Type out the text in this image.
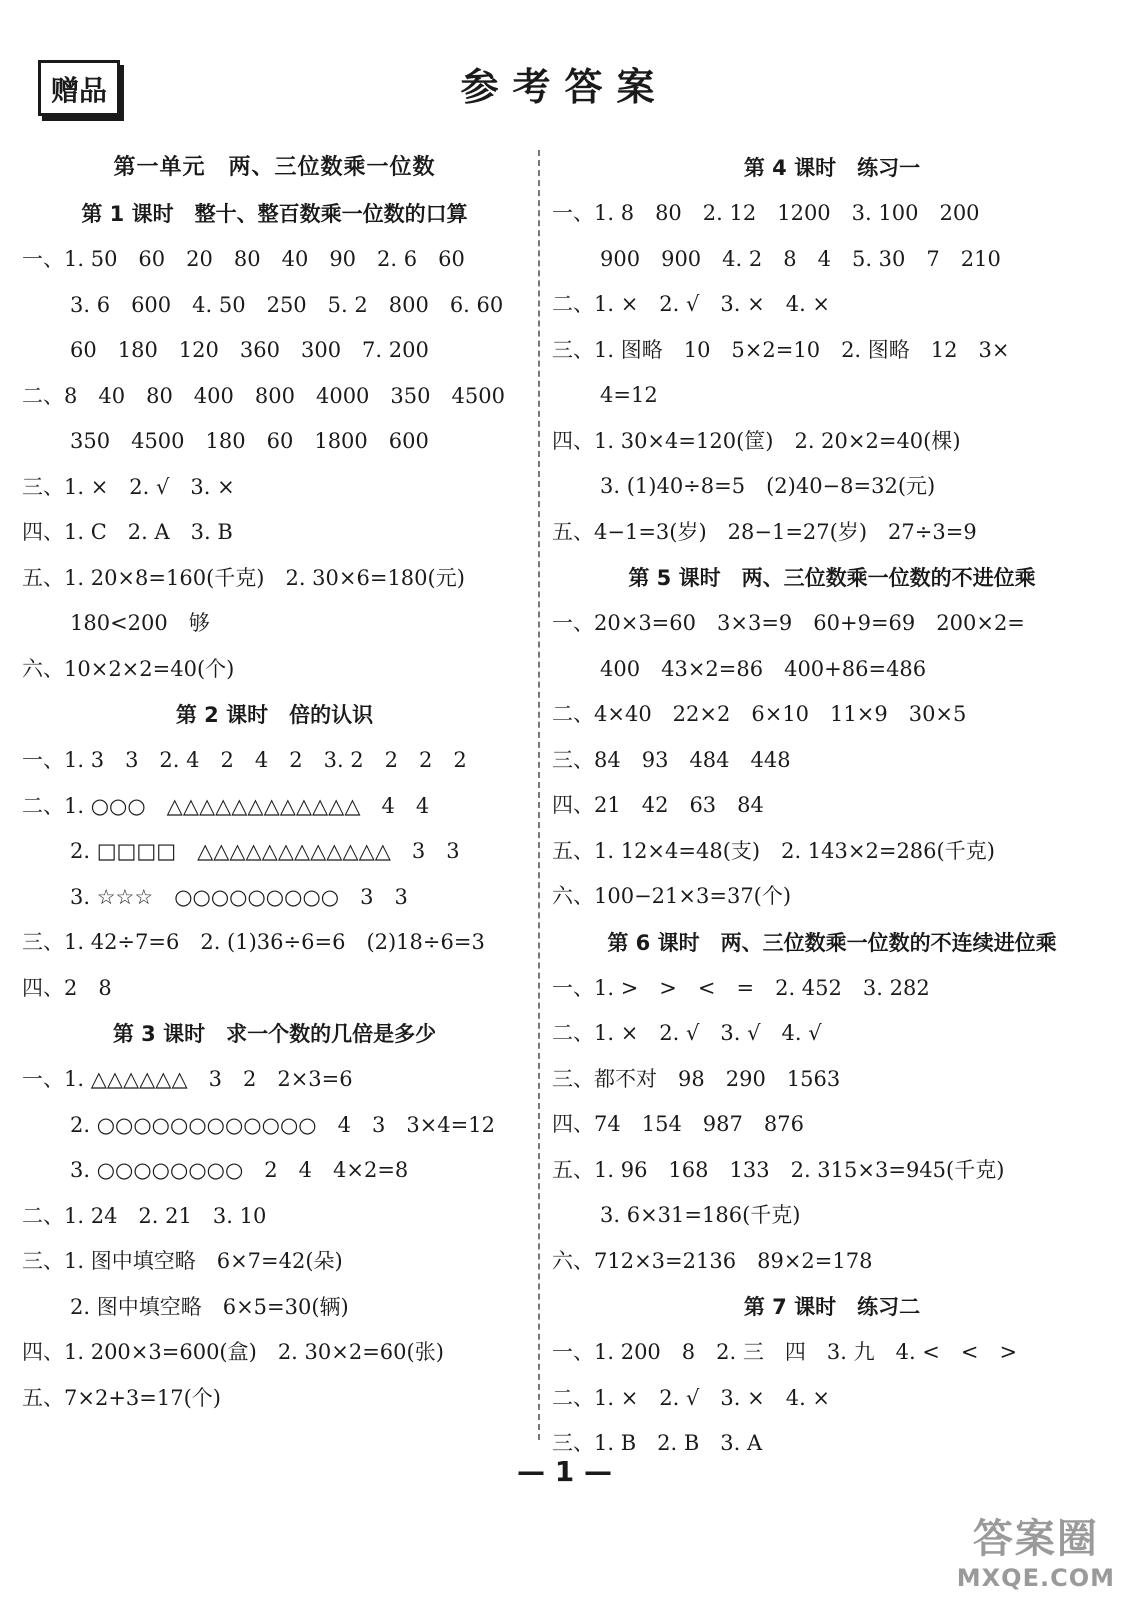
赠品	参考答案
第一单元　两、三位数乘一位数
第 1 课时　整十、整百数乘一位数的口算
一、1. 50　60　20　80　40　90　2. 6　60
3. 6　600　4. 50　250　5. 2　800　6. 60
60　180　120　360　300　7. 200
二、8　40　80　400　800　4000　350　4500
350　4500　180　60　1800　600
三、1. ×　2. √　3. ×
四、1. C　2. A　3. B
五、1. 20×8=160(千克)　2. 30×6=180(元)
180<200　够
六、10×2×2=40(个)
第 2 课时　倍的认识
一、1. 3　3　2. 4　2　4　2　3. 2　2　2　2
二、1. ○○○　△△△△△△△△△△△△　4　4
2. □□□□　△△△△△△△△△△△△　3　3
3. ☆☆☆　○○○○○○○○○　3　3
三、1. 42÷7=6　2. (1)36÷6=6　(2)18÷6=3
四、2　8
第 3 课时　求一个数的几倍是多少
一、1. △△△△△△　3　2　2×3=6
2. ○○○○○○○○○○○○　4　3　3×4=12
3. ○○○○○○○○　2　4　4×2=8
二、1. 24　2. 21　3. 10
三、1. 图中填空略　6×7=42(朵)
2. 图中填空略　6×5=30(辆)
四、1. 200×3=600(盒)　2. 30×2=60(张)
五、7×2+3=17(个)
第 4 课时　练习一
一、1. 8　80　2. 12　1200　3. 100　200
900　900　4. 2　8　4　5. 30　7　210
二、1. ×　2. √　3. ×　4. ×
三、1. 图略　10　5×2=10　2. 图略　12　3×
4=12
四、1. 30×4=120(筐)　2. 20×2=40(棵)
3. (1)40÷8=5　(2)40−8=32(元)
五、4−1=3(岁)　28−1=27(岁)　27÷3=9
第 5 课时　两、三位数乘一位数的不进位乘
一、20×3=60　3×3=9　60+9=69　200×2=
400　43×2=86　400+86=486
二、4×40　22×2　6×10　11×9　30×5
三、84　93　484　448
四、21　42　63　84
五、1. 12×4=48(支)　2. 143×2=286(千克)
六、100−21×3=37(个)
第 6 课时　两、三位数乘一位数的不连续进位乘
一、1. >　>　<　=　2. 452　3. 282
二、1. ×　2. √　3. √　4. √
三、都不对　98　290　1563
四、74　154　987　876
五、1. 96　168　133　2. 315×3=945(千克)
3. 6×31=186(千克)
六、712×3=2136　89×2=178
第 7 课时　练习二
一、1. 200　8　2. 三　四　3. 九　4. <　<　>
二、1. ×　2. √　3. ×　4. ×
三、1. B　2. B　3. A
— 1 —
答案圈
MXQE.COM
